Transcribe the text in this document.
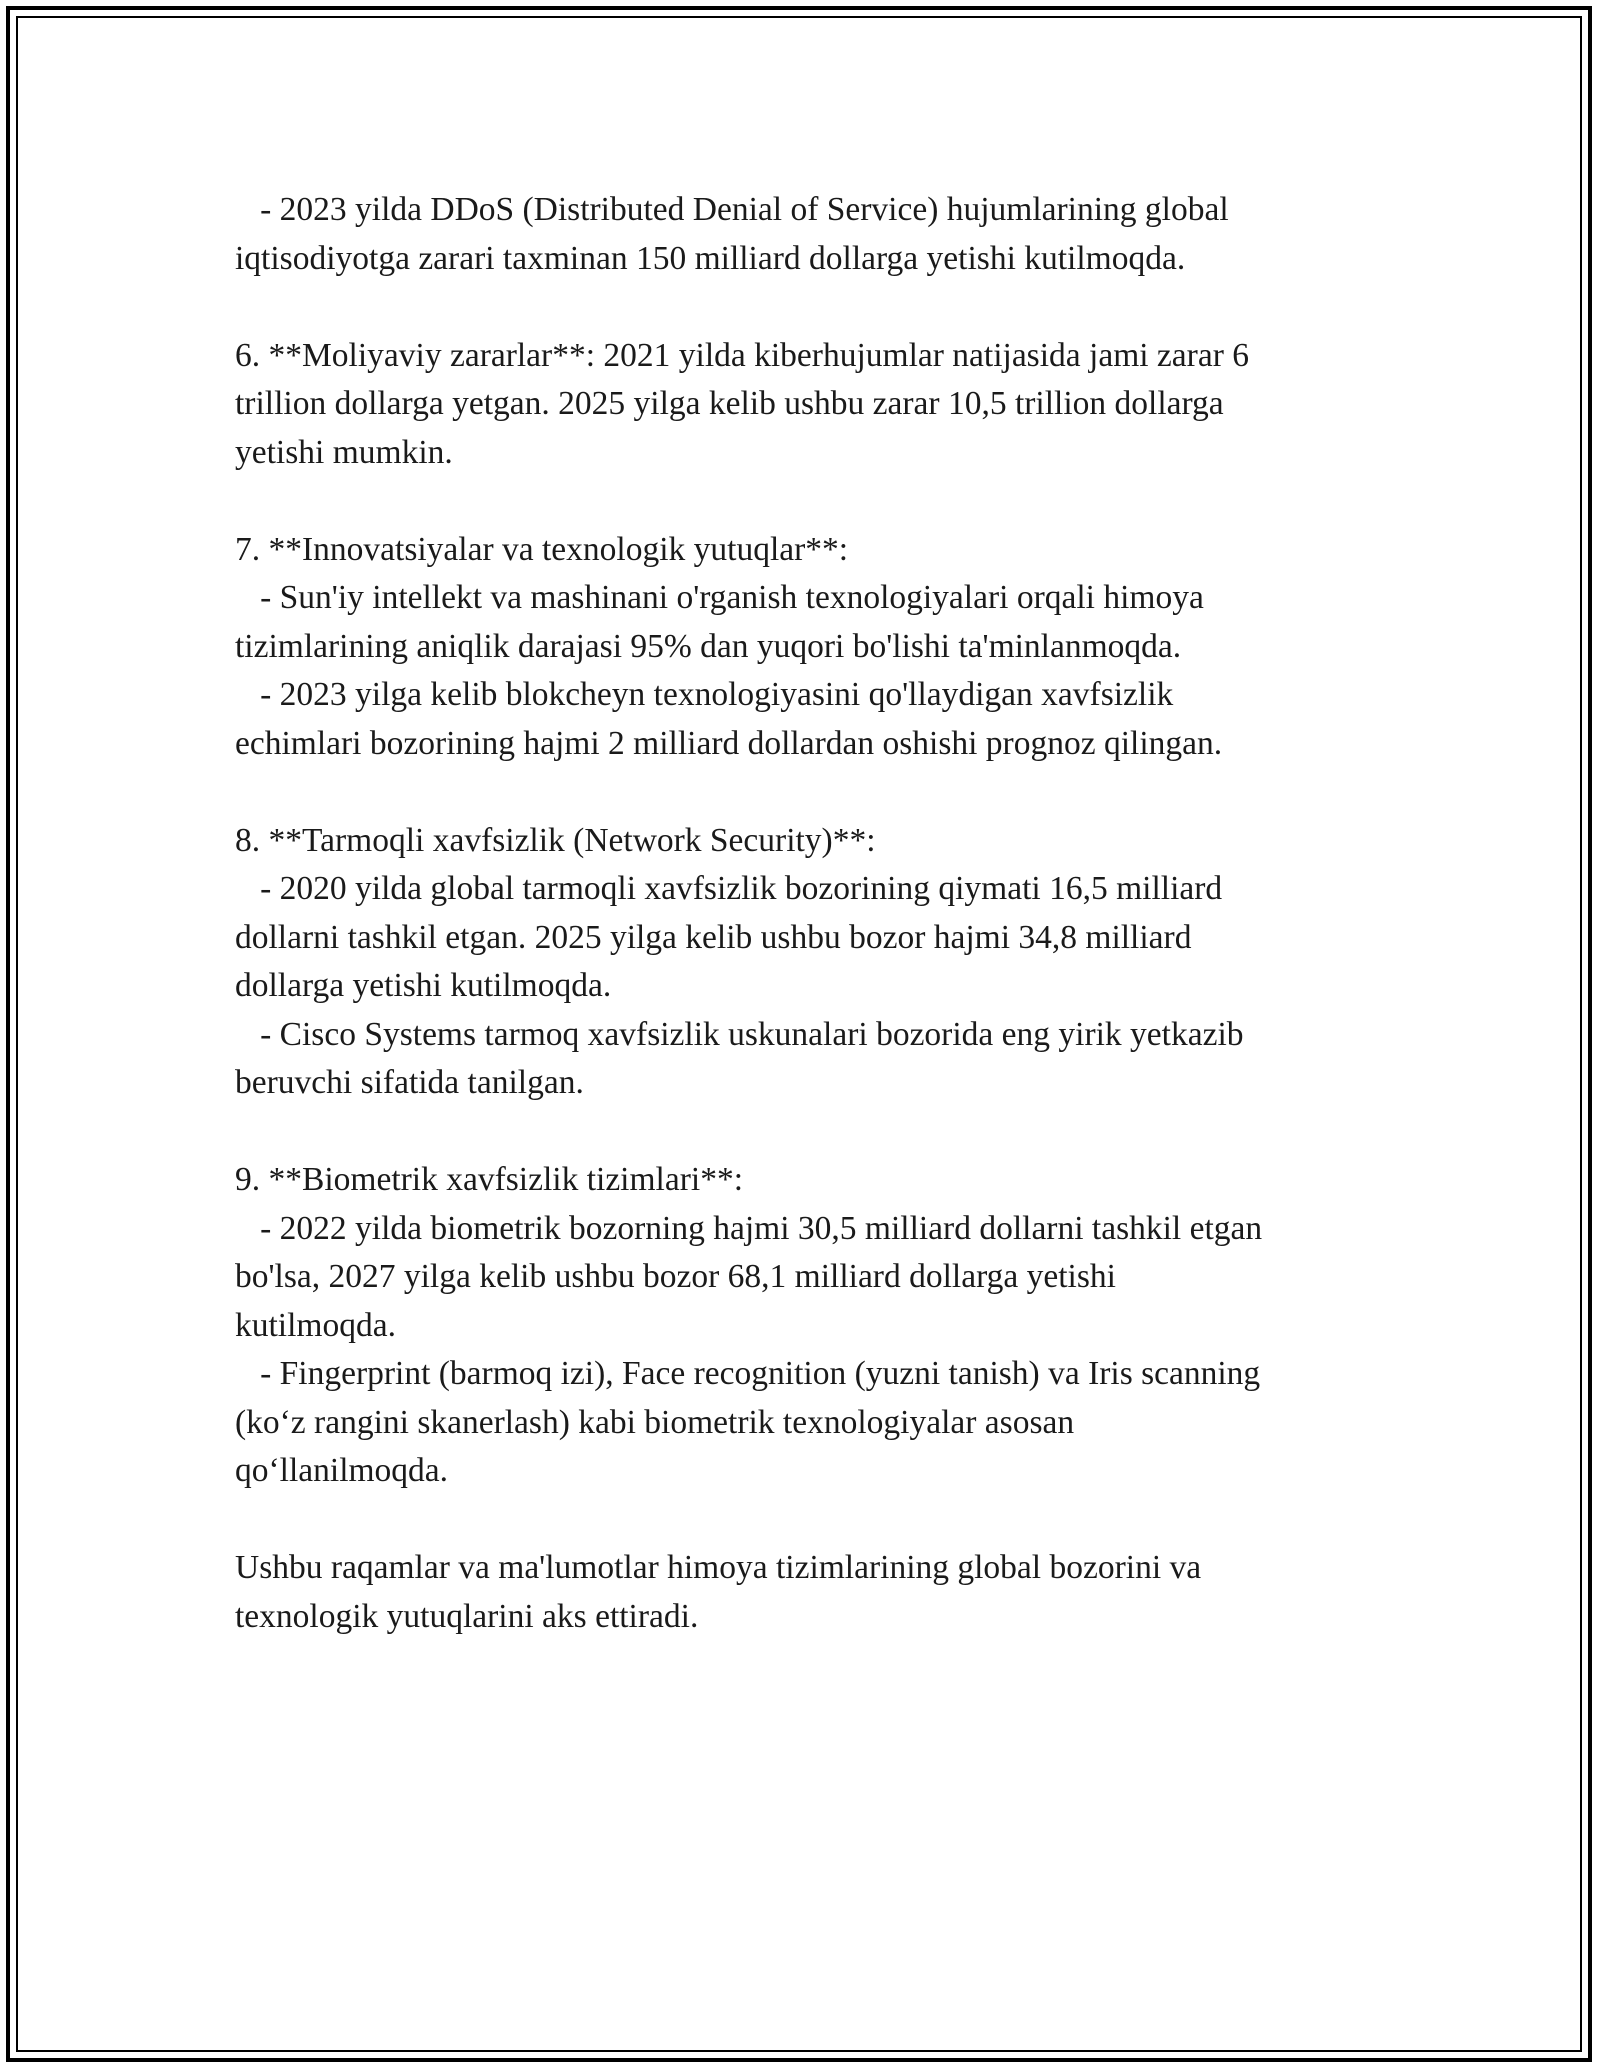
- 2023 yilda DDoS (Distributed Denial of Service) hujumlarining global
iqtisodiyotga zarari taxminan 150 milliard dollarga yetishi kutilmoqda.
6. **Moliyaviy zararlar**: 2021 yilda kiberhujumlar natijasida jami zarar 6
trillion dollarga yetgan. 2025 yilga kelib ushbu zarar 10,5 trillion dollarga
yetishi mumkin.
7. **Innovatsiyalar va texnologik yutuqlar**:
- Sun'iy intellekt va mashinani o'rganish texnologiyalari orqali himoya
tizimlarining aniqlik darajasi 95% dan yuqori bo'lishi ta'minlanmoqda.
- 2023 yilga kelib blokcheyn texnologiyasini qo'llaydigan xavfsizlik
echimlari bozorining hajmi 2 milliard dollardan oshishi prognoz qilingan.
8. **Tarmoqli xavfsizlik (Network Security)**:
- 2020 yilda global tarmoqli xavfsizlik bozorining qiymati 16,5 milliard
dollarni tashkil etgan. 2025 yilga kelib ushbu bozor hajmi 34,8 milliard
dollarga yetishi kutilmoqda.
- Cisco Systems tarmoq xavfsizlik uskunalari bozorida eng yirik yetkazib
beruvchi sifatida tanilgan.
9. **Biometrik xavfsizlik tizimlari**:
- 2022 yilda biometrik bozorning hajmi 30,5 milliard dollarni tashkil etgan
bo'lsa, 2027 yilga kelib ushbu bozor 68,1 milliard dollarga yetishi
kutilmoqda.
- Fingerprint (barmoq izi), Face recognition (yuzni tanish) va Iris scanning
(ko‘z rangini skanerlash) kabi biometrik texnologiyalar asosan
qo‘llanilmoqda.
Ushbu raqamlar va ma'lumotlar himoya tizimlarining global bozorini va
texnologik yutuqlarini aks ettiradi.
